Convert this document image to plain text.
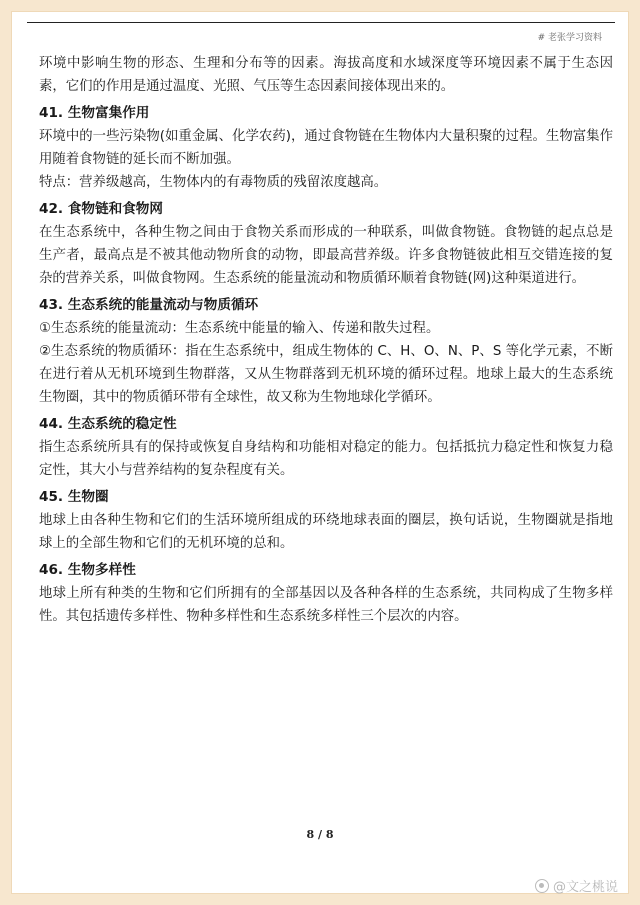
# 老张学习资料

环境中影响生物的形态、生理和分布等的因素。海拔高度和水域深度等环境因素不属于生态因素，它们的作用是通过温度、光照、气压等生态因素间接体现出来的。

41. 生物富集作用

环境中的一些污染物(如重金属、化学农药)，通过食物链在生物体内大量积聚的过程。生物富集作用随着食物链的延长而不断加强。

特点：营养级越高，生物体内的有毒物质的残留浓度越高。

42. 食物链和食物网

在生态系统中，各种生物之间由于食物关系而形成的一种联系，叫做食物链。食物链的起点总是生产者，最高点是不被其他动物所食的动物，即最高营养级。许多食物链彼此相互交错连接的复杂的营养关系，叫做食物网。生态系统的能量流动和物质循环顺着食物链(网)这种渠道进行。

43. 生态系统的能量流动与物质循环

①生态系统的能量流动：生态系统中能量的输入、传递和散失过程。

②生态系统的物质循环：指在生态系统中，组成生物体的 C、H、O、N、P、S 等化学元素，不断在进行着从无机环境到生物群落，又从生物群落到无机环境的循环过程。地球上最大的生态系统生物圈，其中的物质循环带有全球性，故又称为生物地球化学循环。

44. 生态系统的稳定性

指生态系统所具有的保持或恢复自身结构和功能相对稳定的能力。包括抵抗力稳定性和恢复力稳定性，其大小与营养结构的复杂程度有关。

45. 生物圈

地球上由各种生物和它们的生活环境所组成的环绕地球表面的圈层，换句话说，生物圈就是指地球上的全部生物和它们的无机环境的总和。

46. 生物多样性

地球上所有种类的生物和它们所拥有的全部基因以及各种各样的生态系统，共同构成了生物多样性。其包括遗传多样性、物种多样性和生态系统多样性三个层次的内容。

8 / 8
@文之桃说
